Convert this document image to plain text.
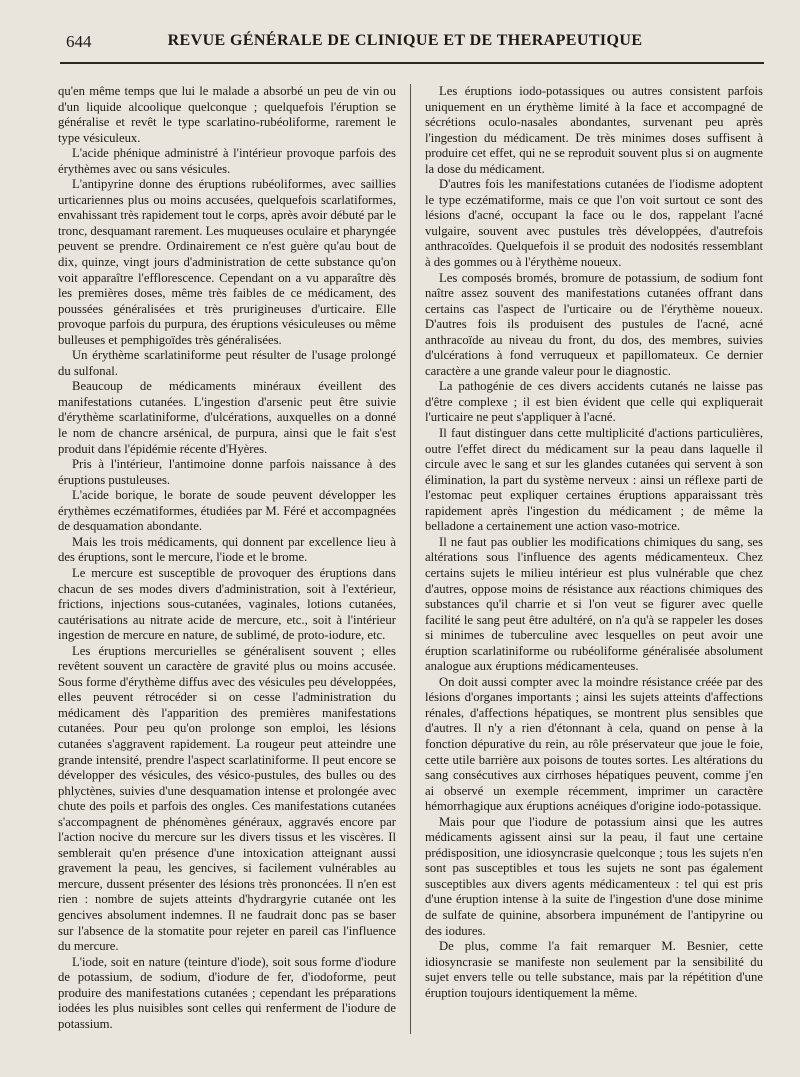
644	REVUE GÉNÉRALE DE CLINIQUE ET DE THERAPEUTIQUE

qu'en même temps que lui le malade a absorbé un peu de vin ou d'un liquide alcoolique quelconque ; quelquefois l'éruption se généralise et revêt le type scarlatino-rubéoliforme, rarement le type vésiculeux.

L'acide phénique administré à l'intérieur provoque parfois des érythèmes avec ou sans vésicules.

L'antipyrine donne des éruptions rubéoliformes, avec saillies urticariennes plus ou moins accusées, quelquefois scarlatiformes, envahissant très rapidement tout le corps, après avoir débuté par le tronc, desquamant rarement. Les muqueuses oculaire et pharyngée peuvent se prendre. Ordinairement ce n'est guère qu'au bout de dix, quinze, vingt jours d'administration de cette substance qu'on voit apparaître l'efflorescence. Cependant on a vu apparaître dès les premières doses, même très faibles de ce médicament, des poussées généralisées et très prurigineuses d'urticaire. Elle provoque parfois du purpura, des éruptions vésiculeuses ou même bulleuses et pemphigoïdes très généralisées.

Un érythème scarlatiniforme peut résulter de l'usage prolongé du sulfonal.

Beaucoup de médicaments minéraux éveillent des manifestations cutanées. L'ingestion d'arsenic peut être suivie d'érythème scarlatiniforme, d'ulcérations, auxquelles on a donné le nom de chancre arsénical, de purpura, ainsi que le fait s'est produit dans l'épidémie récente d'Hyères.

Pris à l'intérieur, l'antimoine donne parfois naissance à des éruptions pustuleuses.

L'acide borique, le borate de soude peuvent développer les érythèmes eczématiformes, étudiées par M. Féré et accompagnées de desquamation abondante.

Mais les trois médicaments, qui donnent par excellence lieu à des éruptions, sont le mercure, l'iode et le brome.

Le mercure est susceptible de provoquer des éruptions dans chacun de ses modes divers d'administration, soit à l'extérieur, frictions, injections sous-cutanées, vaginales, lotions cutanées, cautérisations au nitrate acide de mercure, etc., soit à l'intérieur ingestion de mercure en nature, de sublimé, de proto-iodure, etc.

Les éruptions mercurielles se généralisent souvent ; elles revêtent souvent un caractère de gravité plus ou moins accusée. Sous forme d'érythème diffus avec des vésicules peu développées, elles peuvent rétrocéder si on cesse l'administration du médicament dès l'apparition des premières manifestations cutanées. Pour peu qu'on prolonge son emploi, les lésions cutanées s'aggravent rapidement. La rougeur peut atteindre une grande intensité, prendre l'aspect scarlatiniforme. Il peut encore se développer des vésicules, des vésico-pustules, des bulles ou des phlyctènes, suivies d'une desquamation intense et prolongée avec chute des poils et parfois des ongles. Ces manifestations cutanées s'accompagnent de phénomènes généraux, aggravés encore par l'action nocive du mercure sur les divers tissus et les viscères. Il semblerait qu'en présence d'une intoxication atteignant aussi gravement la peau, les gencives, si facilement vulnérables au mercure, dussent présenter des lésions très prononcées. Il n'en est rien : nombre de sujets atteints d'hydrargyrie cutanée ont les gencives absolument indemnes. Il ne faudrait donc pas se baser sur l'absence de la stomatite pour rejeter en pareil cas l'influence du mercure.

L'iode, soit en nature (teinture d'iode), soit sous forme d'iodure de potassium, de sodium, d'iodure de fer, d'iodoforme, peut produire des manifestations cutanées ; cependant les préparations iodées les plus nuisibles sont celles qui renferment de l'iodure de potassium.

Les éruptions iodo-potassiques ou autres consistent parfois uniquement en un érythème limité à la face et accompagné de sécrétions oculo-nasales abondantes, survenant peu après l'ingestion du médicament. De très minimes doses suffisent à produire cet effet, qui ne se reproduit souvent plus si on augmente la dose du médicament.

D'autres fois les manifestations cutanées de l'iodisme adoptent le type eczématiforme, mais ce que l'on voit surtout ce sont des lésions d'acné, occupant la face ou le dos, rappelant l'acné vulgaire, souvent avec pustules très développées, d'autrefois anthracoïdes. Quelquefois il se produit des nodosités ressemblant à des gommes ou à l'érythème noueux.

Les composés bromés, bromure de potassium, de sodium font naître assez souvent des manifestations cutanées offrant dans certains cas l'aspect de l'urticaire ou de l'érythème noueux. D'autres fois ils produisent des pustules de l'acné, acné anthracoïde au niveau du front, du dos, des membres, suivies d'ulcérations à fond verruqueux et papillomateux. Ce dernier caractère a une grande valeur pour le diagnostic.

La pathogénie de ces divers accidents cutanés ne laisse pas d'être complexe ; il est bien évident que celle qui expliquerait l'urticaire ne peut s'appliquer à l'acné.

Il faut distinguer dans cette multiplicité d'actions particulières, outre l'effet direct du médicament sur la peau dans laquelle il circule avec le sang et sur les glandes cutanées qui servent à son élimination, la part du système nerveux : ainsi un réflexe parti de l'estomac peut expliquer certaines éruptions apparaissant très rapidement après l'ingestion du médicament ; de même la belladone a certainement une action vaso-motrice.

Il ne faut pas oublier les modifications chimiques du sang, ses altérations sous l'influence des agents médicamenteux. Chez certains sujets le milieu intérieur est plus vulnérable que chez d'autres, oppose moins de résistance aux réactions chimiques des substances qu'il charrie et si l'on veut se figurer avec quelle facilité le sang peut être adultéré, on n'a qu'à se rappeler les doses si minimes de tuberculine avec lesquelles on peut avoir une éruption scarlatiniforme ou rubéoliforme généralisée absolument analogue aux éruptions médicamenteuses.

On doit aussi compter avec la moindre résistance créée par des lésions d'organes importants ; ainsi les sujets atteints d'affections rénales, d'affections hépatiques, se montrent plus sensibles que d'autres. Il n'y a rien d'étonnant à cela, quand on pense à la fonction dépurative du rein, au rôle préservateur que joue le foie, cette utile barrière aux poisons de toutes sortes. Les altérations du sang consécutives aux cirrhoses hépatiques peuvent, comme j'en ai observé un exemple récemment, imprimer un caractère hémorrhagique aux éruptions acnéiques d'origine iodo-potassique.

Mais pour que l'iodure de potassium ainsi que les autres médicaments agissent ainsi sur la peau, il faut une certaine prédisposition, une idiosyncrasie quelconque ; tous les sujets n'en sont pas susceptibles et tous les sujets ne sont pas également susceptibles aux divers agents médicamenteux : tel qui est pris d'une éruption intense à la suite de l'ingestion d'une dose minime de sulfate de quinine, absorbera impunément de l'antipyrine ou des iodures.

De plus, comme l'a fait remarquer M. Besnier, cette idiosyncrasie se manifeste non seulement par la sensibilité du sujet envers telle ou telle substance, mais par la répétition d'une éruption toujours identiquement la même.
